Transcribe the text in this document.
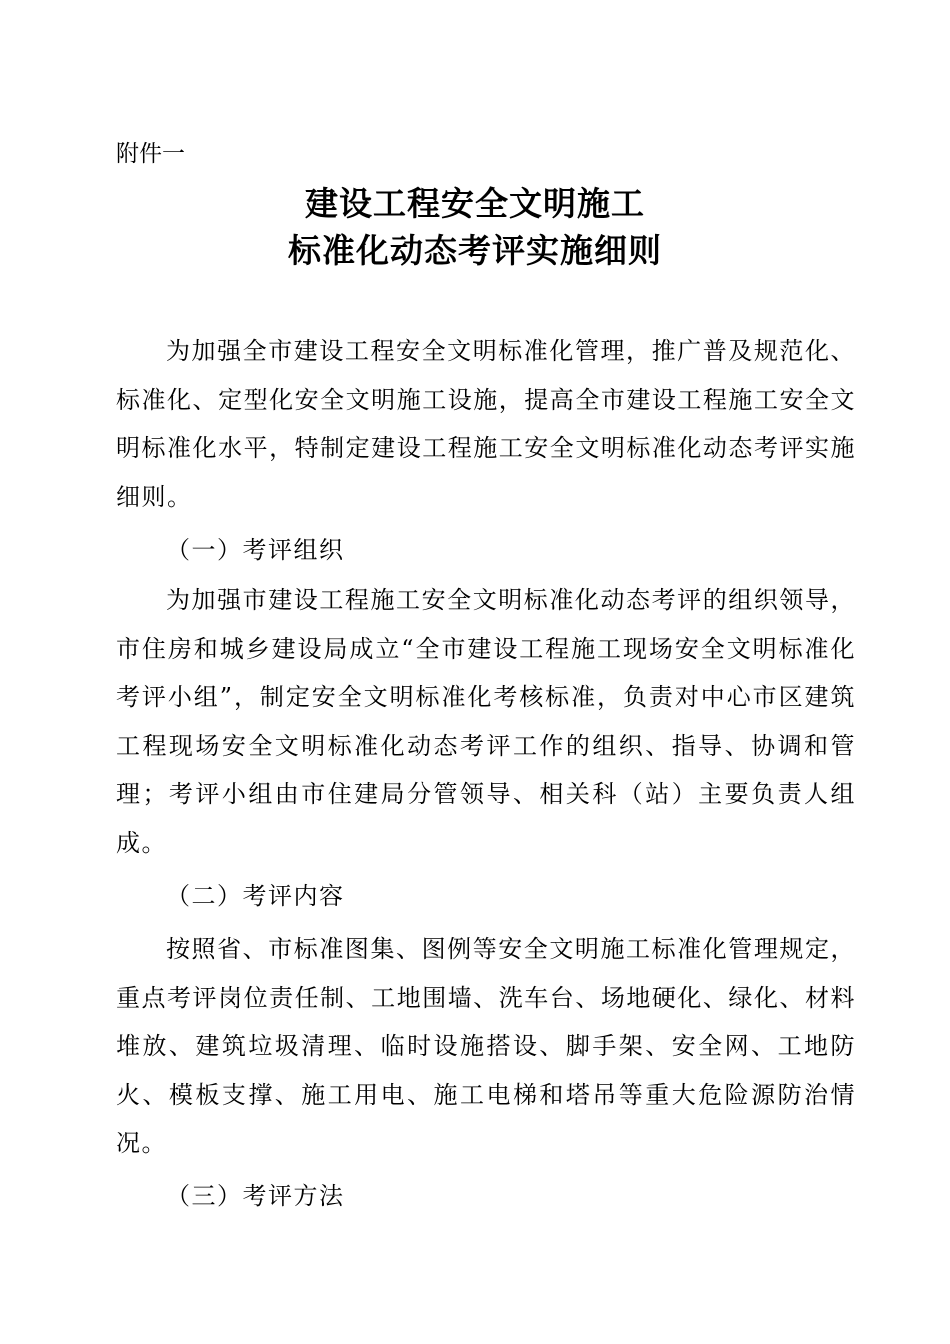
附件一
建设工程安全文明施工
标准化动态考评实施细则

为加强全市建设工程安全文明标准化管理，推广普及规范化、标准化、定型化安全文明施工设施，提高全市建设工程施工安全文明标准化水平，特制定建设工程施工安全文明标准化动态考评实施细则。

（一）考评组织

为加强市建设工程施工安全文明标准化动态考评的组织领导，市住房和城乡建设局成立“全市建设工程施工现场安全文明标准化考评小组”，制定安全文明标准化考核标准，负责对中心市区建筑工程现场安全文明标准化动态考评工作的组织、指导、协调和管理；考评小组由市住建局分管领导、相关科（站）主要负责人组成。

（二）考评内容

按照省、市标准图集、图例等安全文明施工标准化管理规定，重点考评岗位责任制、工地围墙、洗车台、场地硬化、绿化、材料堆放、建筑垃圾清理、临时设施搭设、脚手架、安全网、工地防火、模板支撑、施工用电、施工电梯和塔吊等重大危险源防治情况。

（三）考评方法
